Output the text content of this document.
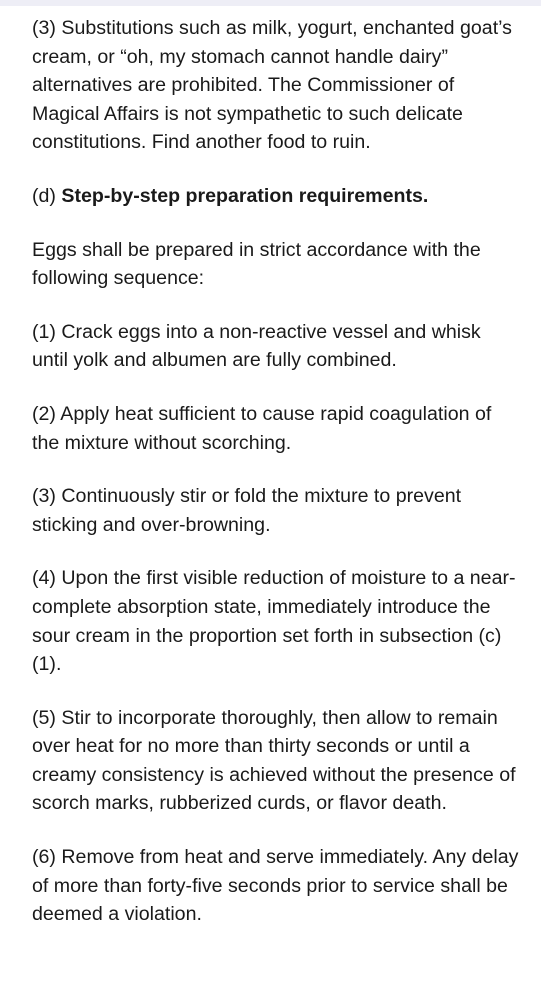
(3) Substitutions such as milk, yogurt, enchanted goat’s cream, or “oh, my stomach cannot handle dairy” alternatives are prohibited. The Commissioner of Magical Affairs is not sympathetic to such delicate constitutions. Find another food to ruin.

(d) Step-by-step preparation requirements.

Eggs shall be prepared in strict accordance with the following sequence:

(1) Crack eggs into a non-reactive vessel and whisk until yolk and albumen are fully combined.

(2) Apply heat sufficient to cause rapid coagulation of the mixture without scorching.

(3) Continuously stir or fold the mixture to prevent sticking and over-browning.

(4) Upon the first visible reduction of moisture to a near-complete absorption state, immediately introduce the sour cream in the proportion set forth in subsection (c)(1).

(5) Stir to incorporate thoroughly, then allow to remain over heat for no more than thirty seconds or until a creamy consistency is achieved without the presence of scorch marks, rubberized curds, or flavor death.

(6) Remove from heat and serve immediately. Any delay of more than forty-five seconds prior to service shall be deemed a violation.
